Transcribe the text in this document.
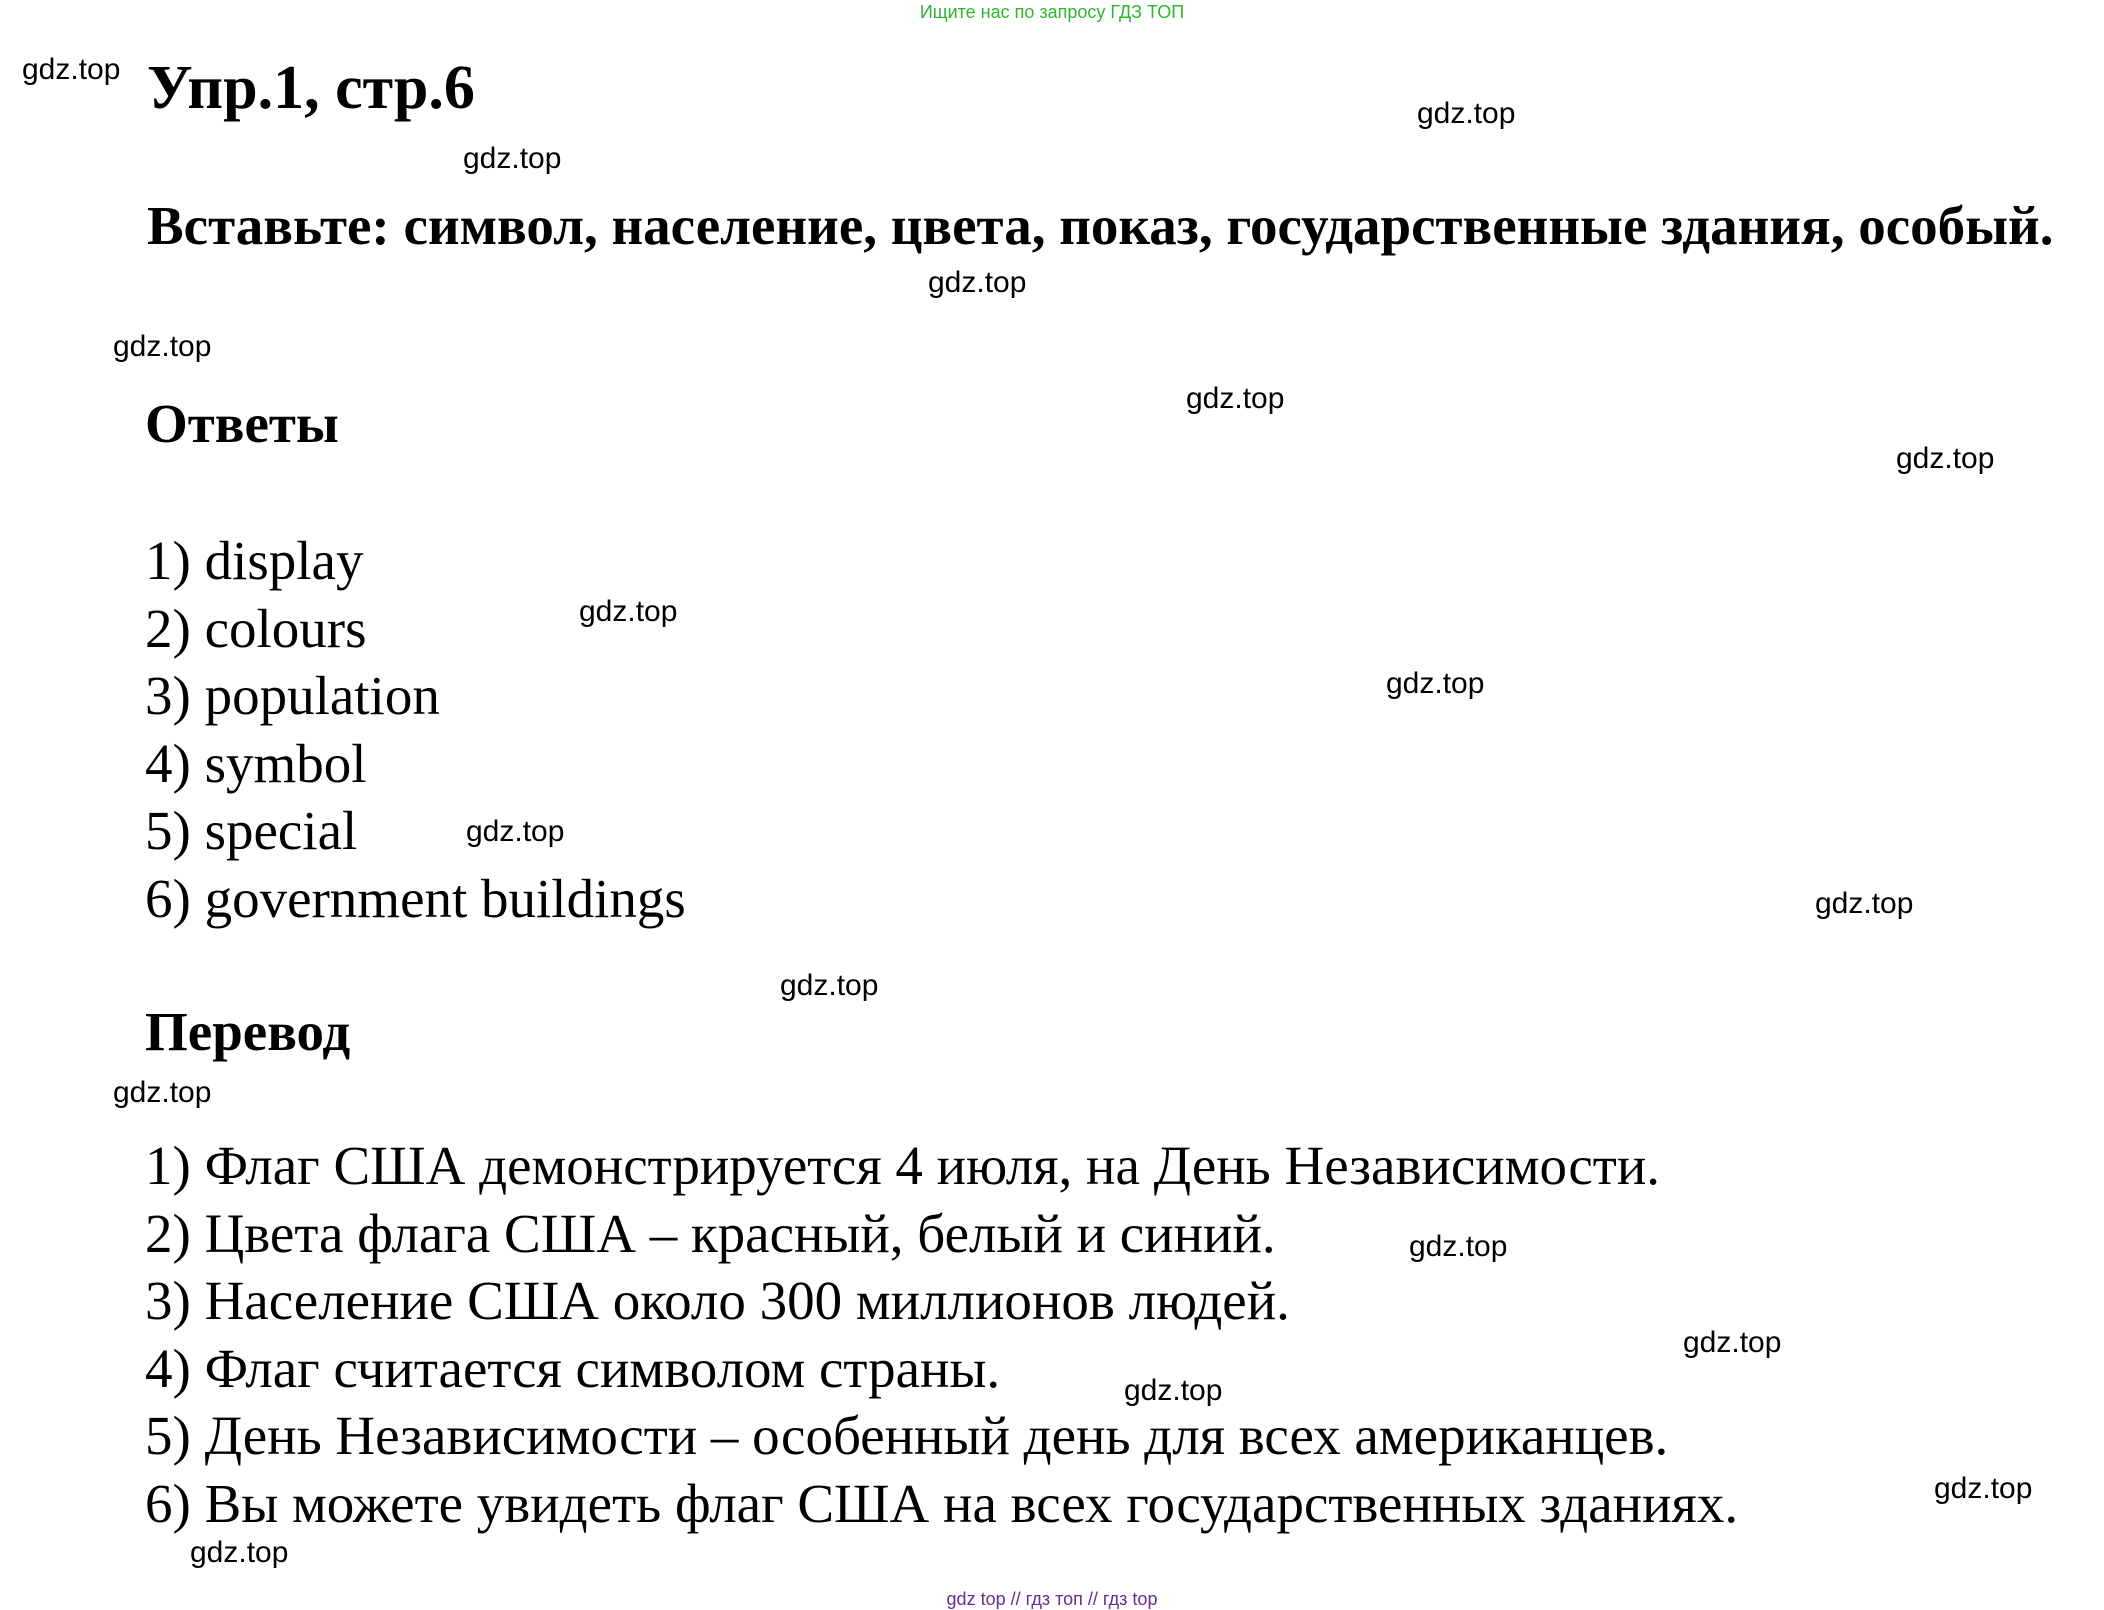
Ищите нас по запросу ГДЗ ТОП
Упр.1, стр.6
Вставьте: символ, население, цвета, показ, государственные здания, особый.
Ответы
1) display
2) colours
3) population
4) symbol
5) special
6) government buildings
Перевод
1) Флаг США демонстрируется 4 июля, на День Независимости.
2) Цвета флага США – красный, белый и синий.
3) Население США около 300 миллионов людей.
4) Флаг считается символом страны.
5) День Независимости – особенный день для всех американцев.
6) Вы можете увидеть флаг США на всех государственных зданиях.
gdz.top
gdz.top
gdz.top
gdz.top
gdz.top
gdz.top
gdz.top
gdz.top
gdz.top
gdz.top
gdz.top
gdz.top
gdz.top
gdz.top
gdz.top
gdz.top
gdz.top
gdz.top
gdz top // гдз топ // гдз top
